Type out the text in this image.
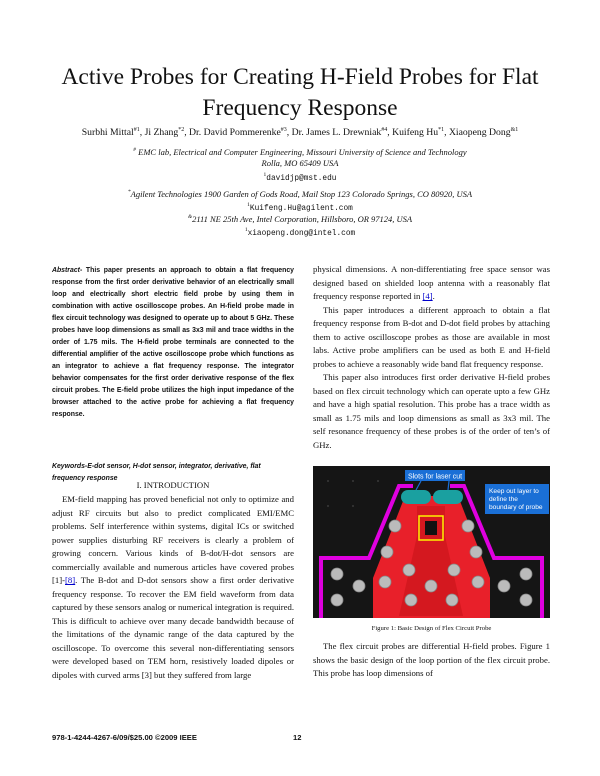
Active Probes for Creating H-Field Probes for Flat
Frequency Response
Surbhi Mittal$^{\#1}$, Ji Zhang$^{*2}$, Dr. David Pommerenke$^{\#3}$, Dr. James L. Drewniak$^{\#4}$, Kuifeng Hu$^{*1}$, Xiaopeng Dong$^{\&1}$
# EMC lab, Electrical and Computer Engineering, Missouri University of Science and Technology
Rolla, MO 65409 USA
$^1$davidjp@mst.edu
*Agilent Technologies 1900 Garden of Gods Road, Mail Stop 123 Colorado Springs, CO 80920, USA
$^1$Kuifeng.Hu@agilent.com
&2111 NE 25th Ave, Intel Corporation, Hillsboro, OR 97124, USA
$^1$xiaopeng.dong@intel.com
Abstract- This paper presents an approach to obtain a flat frequency response from the first order derivative behavior of an electrically small loop and electrically short electric field probe by using them in combination with active oscilloscope probes. An H-field probe made in flex circuit technology was designed to operate up to about 5 GHz. These probes have loop dimensions as small as 3x3 mil and trace widths in the order of 1.75 mils. The H-field probe terminals are connected to the differential amplifier of the active oscilloscope probe which functions as an integrator to achieve a flat frequency response. The integrator behavior compensates for the first order derivative response of the flex circuit probes. The E-field probe utilizes the high input impedance of the browser attached to the active probe for achieving a flat frequency response.
Keywords-E-dot sensor, H-dot sensor, integrator, derivative, flat frequency response
I. INTRODUCTION

EM-field mapping has proved beneficial not only to optimize and adjust RF circuits but also to predict complicated EMI/EMC problems. Self interference within systems, digital ICs or switched power supplies disturbing RF receivers is clearly a problem of growing concern. Various kinds of B-dot/H-dot sensors are commercially available and numerous articles have covered probes [1]-[8]. The B-dot and D-dot sensors show a first order derivative frequency response. To recover the EM field waveform from data captured by these sensors analog or numerical integration is required. This is difficult to achieve over many decade bandwidth because of the limitations of the dynamic range of the data captured by the oscilloscope. To overcome this several non-differentiating sensors were developed based on TEM horn, resistively loaded dipoles or dipoles with curved arms [3] but they suffered from large

physical dimensions. A non-differentiating free space sensor was designed based on shielded loop antenna with a reasonably flat frequency response reported in [4].

This paper introduces a different approach to obtain a flat frequency response from B-dot and D-dot field probes by attaching them to active oscilloscope probes as those are available in most labs. Active probe amplifiers can be used as both E and H-field probes to achieve a reasonably wide band flat frequency response.

This paper also introduces first order derivative H-field probes based on flex circuit technology which can operate upto a few GHz and have a high spatial resolution. This probe has a trace width as small as 1.75 mils and loop dimensions as small as 3x3 mil. The self resonance frequency of these probes is of the order of ten’s of GHz.

Slots for laser cut
Keep out layer to define the boundary of probe
Figure 1: Basic Design of Flex Circuit Probe

The flex circuit probes are differential H-field probes. Figure 1 shows the basic design of the loop portion of the flex circuit probe. This probe has loop dimensions of

978-1-4244-4267-6/09/$25.00 ©2009 IEEE	12
